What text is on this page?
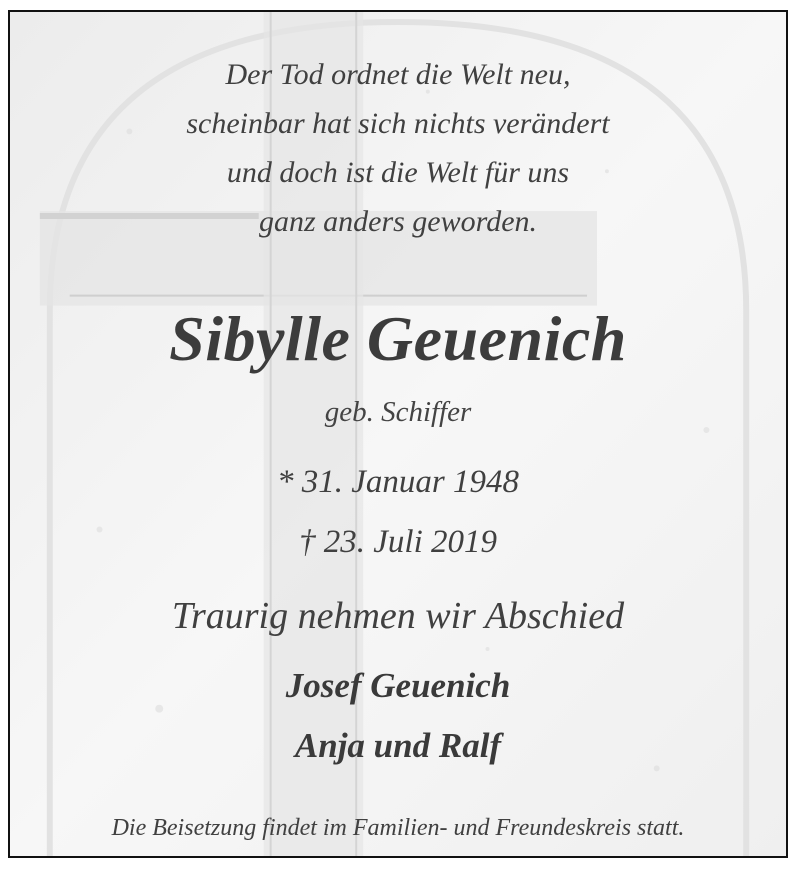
Der Tod ordnet die Welt neu,
scheinbar hat sich nichts verändert
und doch ist die Welt für uns
ganz anders geworden.
Sibylle Geuenich
geb. Schiffer
* 31. Januar 1948
† 23. Juli 2019
Traurig nehmen wir Abschied
Josef Geuenich
Anja und Ralf
Die Beisetzung findet im Familien- und Freundeskreis statt.
